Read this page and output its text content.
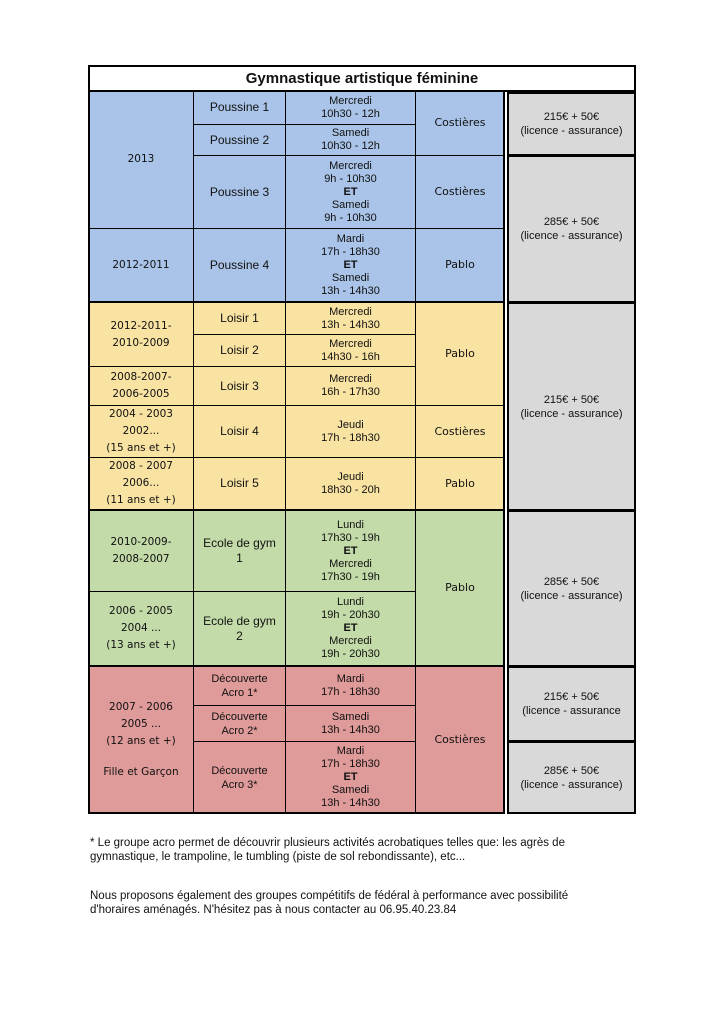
Gymnastique artistique féminine
2013
2012-2011
2012-2011-
2010-2009
2008-2007-
2006-2005
2004 - 2003
2002...
(15 ans et +)
2008 - 2007
2006...
(11 ans et +)
2010-2009-
2008-2007
2006 - 2005
2004 ...
(13 ans et +)
2007 - 2006
2005 ...
(12 ans et +)
Fille et Garçon
Poussine 1
Poussine 2
Poussine 3
Poussine 4
Loisir 1
Loisir 2
Loisir 3
Loisir 4
Loisir 5
Ecole de gym
1
Ecole de gym
2
Découverte
Acro 1*
Découverte
Acro 2*
Découverte
Acro 3*
Mercredi
10h30 - 12h
Samedi
10h30 - 12h
Mercredi
9h - 10h30
ET
Samedi
9h - 10h30
Mardi
17h - 18h30
ET
Samedi
13h - 14h30
Mercredi
13h - 14h30
Mercredi
14h30 - 16h
Mercredi
16h - 17h30
Jeudi
17h - 18h30
Jeudi
18h30 - 20h
Lundi
17h30 - 19h
ET
Mercredi
17h30 - 19h
Lundi
19h - 20h30
ET
Mercredi
19h - 20h30
Mardi
17h - 18h30
Samedi
13h - 14h30
Mardi
17h - 18h30
ET
Samedi
13h - 14h30
Costières
Costières
Pablo
Pablo
Costières
Pablo
Pablo
Costières
215€ + 50€
(licence - assurance)
285€ + 50€
(licence - assurance)
215€ + 50€
(licence - assurance)
285€ + 50€
(licence - assurance)
215€ + 50€
(licence - assurance
285€ + 50€
(licence - assurance)
* Le groupe acro permet de découvrir plusieurs activités acrobatiques telles que: les agrès de
gymnastique, le trampoline, le tumbling (piste de sol rebondissante), etc...
Nous proposons également des groupes compétitifs de fédéral à performance avec possibilité
d'horaires aménagés. N'hésitez pas à nous contacter au 06.95.40.23.84
